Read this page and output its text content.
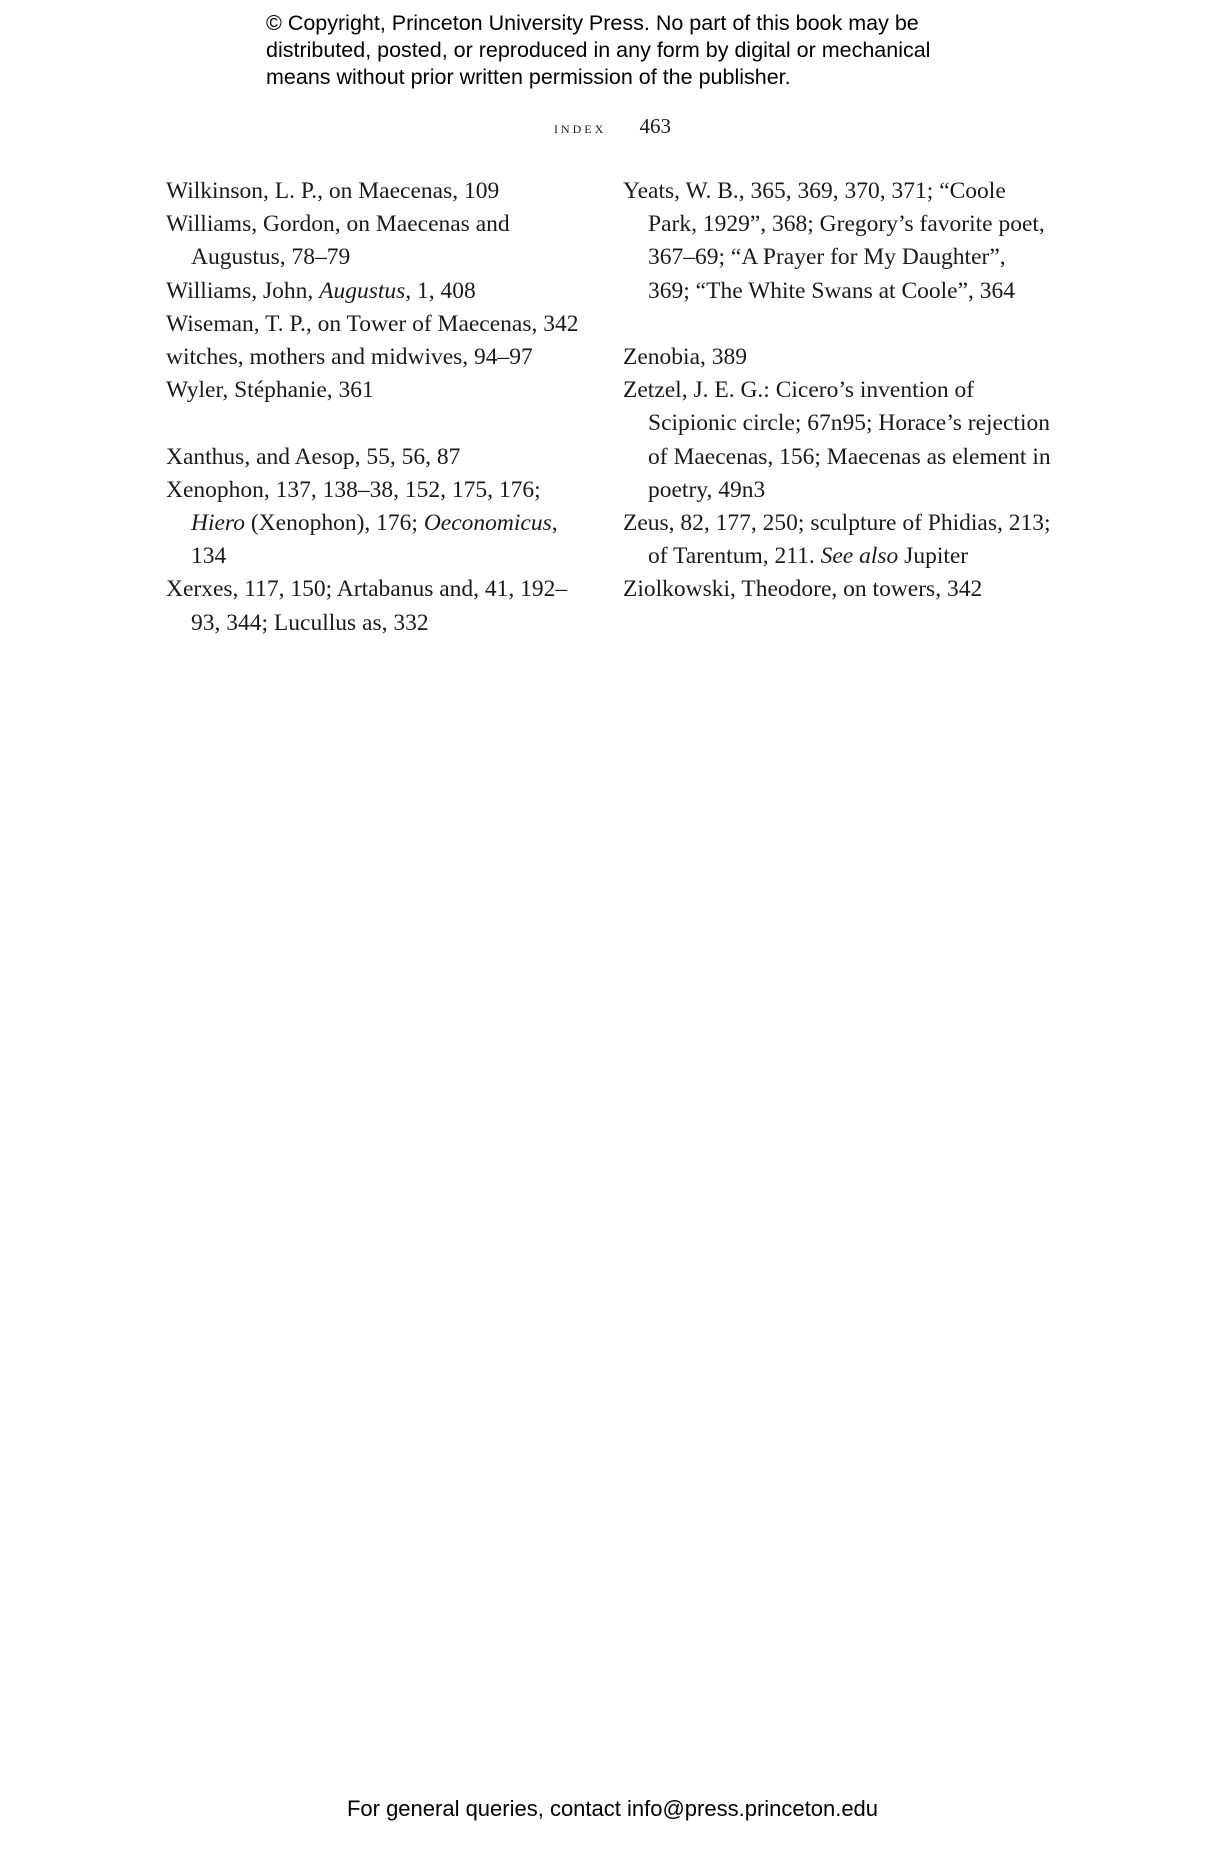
© Copyright, Princeton University Press. No part of this book may be

distributed, posted, or reproduced in any form by digital or mechanical

means without prior written permission of the publisher.

index 463

Wilkinson, L. P., on Maecenas, 109

Williams, Gordon, on Maecenas and Augustus, 78–79

Williams, John, Augustus, 1, 408

Wiseman, T. P., on Tower of Maecenas, 342

witches, mothers and midwives, 94–97

Wyler, Stéphanie, 361

Xanthus, and Aesop, 55, 56, 87

Xenophon, 137, 138–38, 152, 175, 176; Hiero (Xenophon), 176; Oeconomicus, 134

Xerxes, 117, 150; Artabanus and, 41, 192–93, 344; Lucullus as, 332

Yeats, W. B., 365, 369, 370, 371; “Coole Park, 1929”, 368; Gregory’s favorite poet, 367–69; “A Prayer for My Daughter”, 369; “The White Swans at Coole”, 364

Zenobia, 389

Zetzel, J. E. G.: Cicero’s invention of Scipionic circle; 67n95; Horace’s rejection of Maecenas, 156; Maecenas as element in poetry, 49n3

Zeus, 82, 177, 250; sculpture of Phidias, 213; of Tarentum, 211. See also Jupiter

Ziolkowski, Theodore, on towers, 342

For general queries, contact info@press.princeton.edu
